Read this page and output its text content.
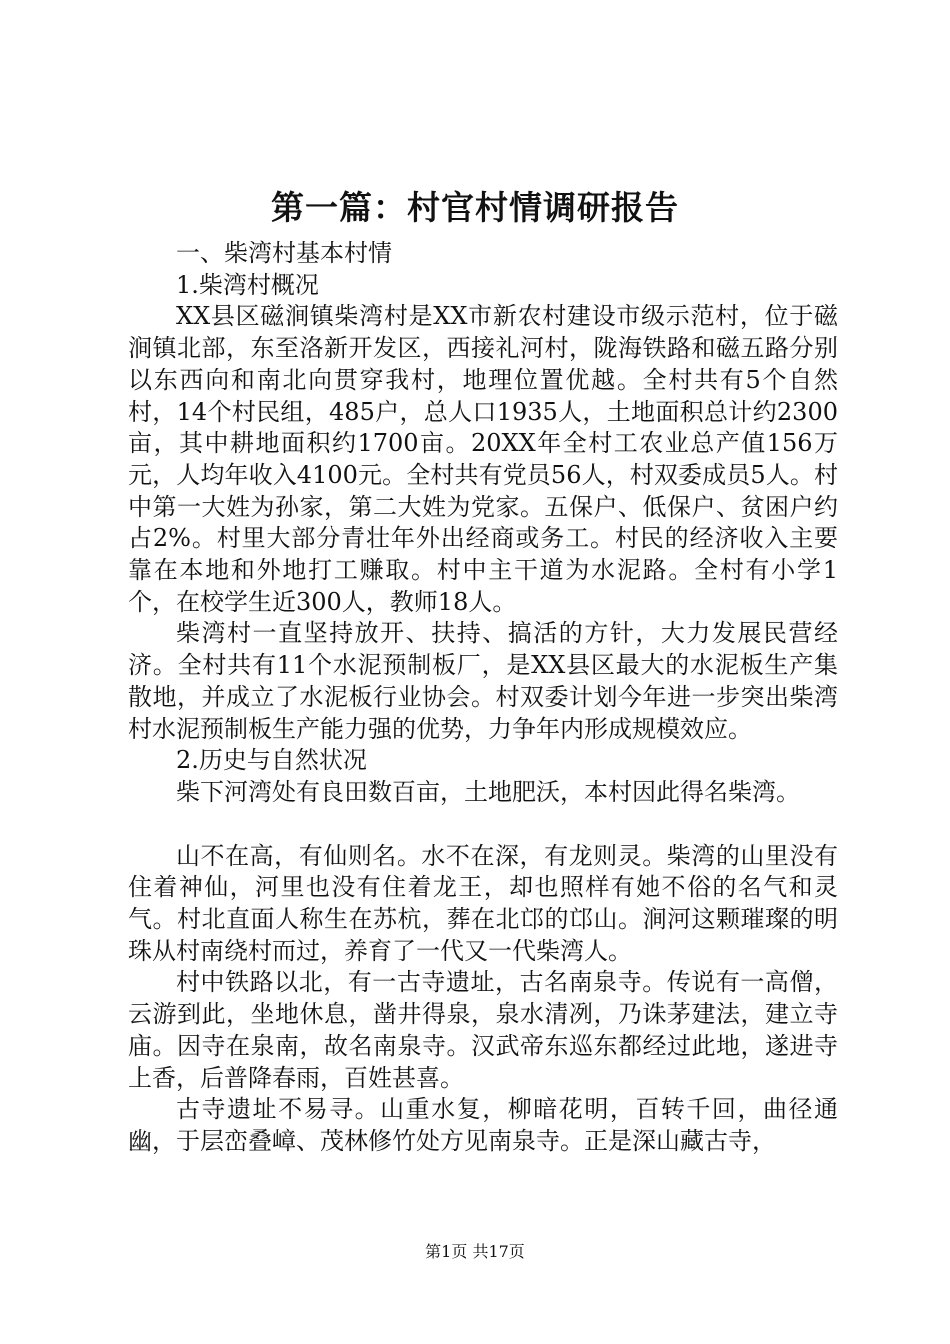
第一篇：村官村情调研报告

一、柴湾村基本村情

1.柴湾村概况

XX县区磁涧镇柴湾村是XX市新农村建设市级示范村，位于磁涧镇北部，东至洛新开发区，西接礼河村，陇海铁路和磁五路分别以东西向和南北向贯穿我村，地理位置优越。全村共有5个自然村，14个村民组，485户，总人口1935人，土地面积总计约2300亩，其中耕地面积约1700亩。20XX年全村工农业总产值156万元，人均年收入4100元。全村共有党员56人，村双委成员5人。村中第一大姓为孙家，第二大姓为党家。五保户、低保户、贫困户约占2%。村里大部分青壮年外出经商或务工。村民的经济收入主要靠在本地和外地打工赚取。村中主干道为水泥路。全村有小学1个，在校学生近300人，教师18人。

柴湾村一直坚持放开、扶持、搞活的方针，大力发展民营经济。全村共有11个水泥预制板厂，是XX县区最大的水泥板生产集散地，并成立了水泥板行业协会。村双委计划今年进一步突出柴湾村水泥预制板生产能力强的优势，力争年内形成规模效应。

2.历史与自然状况

柴下河湾处有良田数百亩，土地肥沃，本村因此得名柴湾。

山不在高，有仙则名。水不在深，有龙则灵。柴湾的山里没有住着神仙，河里也没有住着龙王，却也照样有她不俗的名气和灵气。村北直面人称生在苏杭，葬在北邙的邙山。涧河这颗璀璨的明珠从村南绕村而过，养育了一代又一代柴湾人。

村中铁路以北，有一古寺遗址，古名南泉寺。传说有一高僧，云游到此，坐地休息，凿井得泉，泉水清冽，乃诛茅建法，建立寺庙。因寺在泉南，故名南泉寺。汉武帝东巡东都经过此地，遂进寺上香，后普降春雨，百姓甚喜。

古寺遗址不易寻。山重水复，柳暗花明，百转千回，曲径通幽，于层峦叠嶂、茂林修竹处方见南泉寺。正是深山藏古寺，

第1页 共17页
